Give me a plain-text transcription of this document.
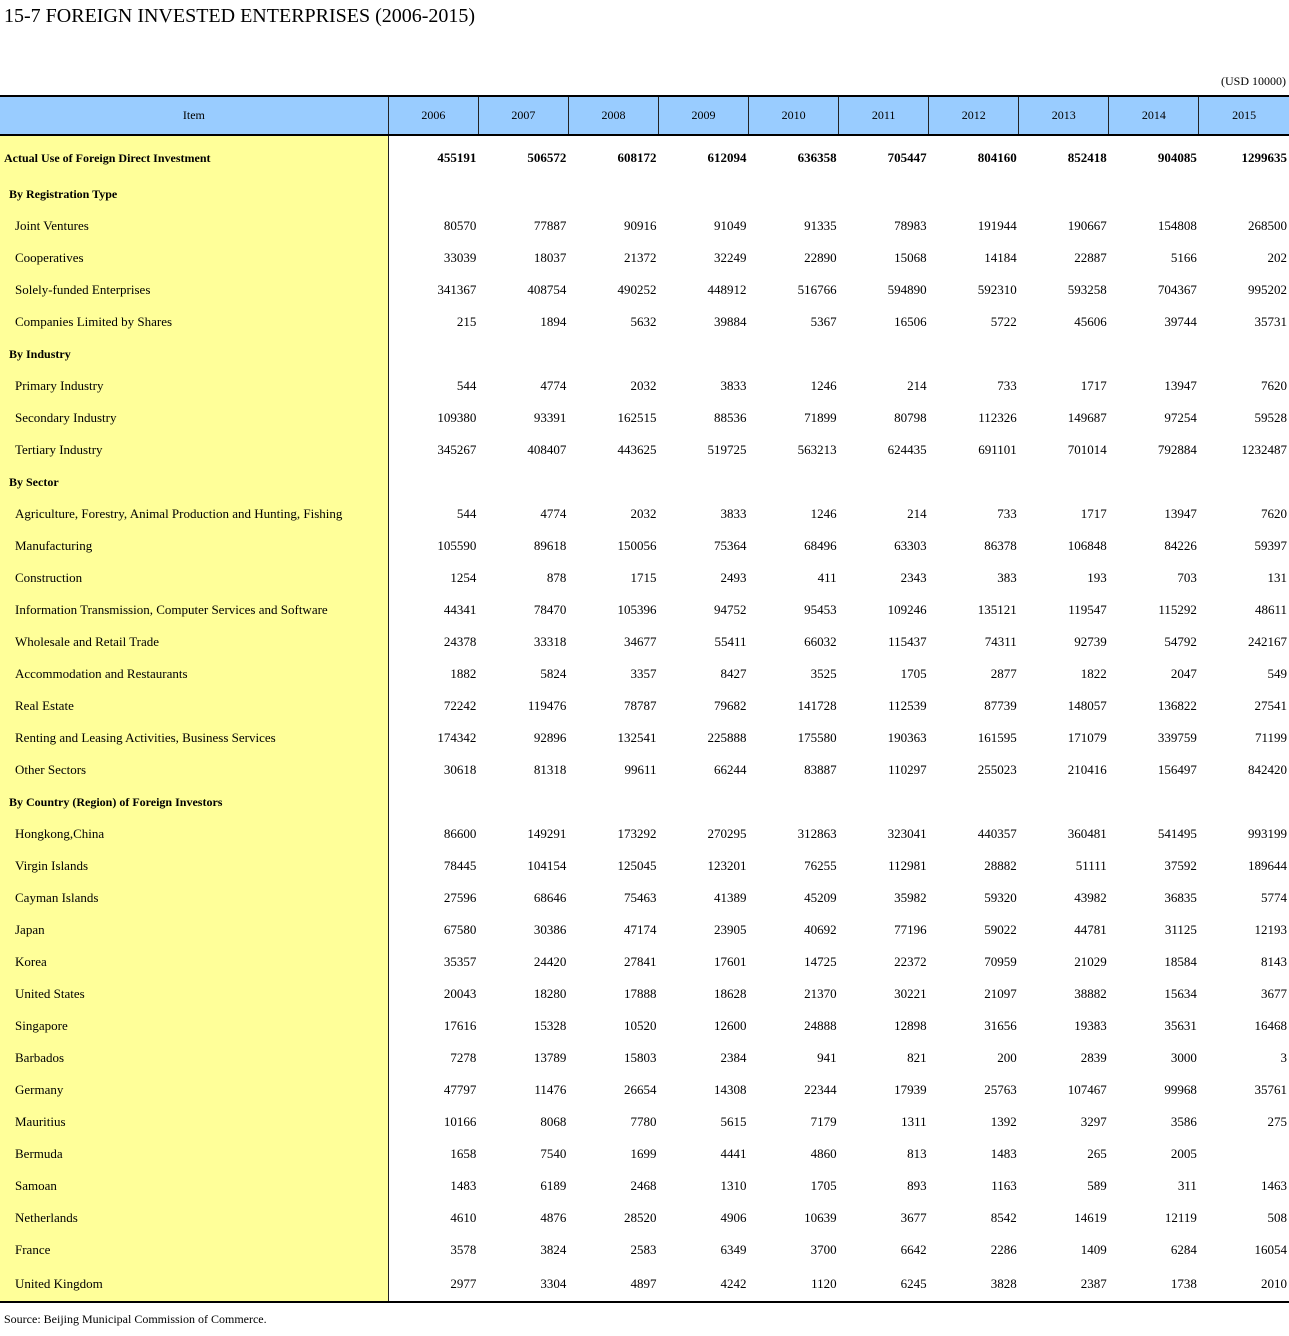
15-7 FOREIGN INVESTED ENTERPRISES (2006-2015)
(USD 10000)
Item	2006	2007	2008	2009	2010	2011	2012	2013	2014	2015
Actual Use of Foreign Direct Investment	455191	506572	608172	612094	636358	705447	804160	852418	904085	1299635
By Registration Type										
Joint Ventures	80570	77887	90916	91049	91335	78983	191944	190667	154808	268500
Cooperatives	33039	18037	21372	32249	22890	15068	14184	22887	5166	202
Solely-funded Enterprises	341367	408754	490252	448912	516766	594890	592310	593258	704367	995202
Companies Limited by Shares	215	1894	5632	39884	5367	16506	5722	45606	39744	35731
By Industry										
Primary Industry	544	4774	2032	3833	1246	214	733	1717	13947	7620
Secondary Industry	109380	93391	162515	88536	71899	80798	112326	149687	97254	59528
Tertiary Industry	345267	408407	443625	519725	563213	624435	691101	701014	792884	1232487
By Sector										
Agriculture, Forestry, Animal Production and Hunting, Fishing	544	4774	2032	3833	1246	214	733	1717	13947	7620
Manufacturing	105590	89618	150056	75364	68496	63303	86378	106848	84226	59397
Construction	1254	878	1715	2493	411	2343	383	193	703	131
Information Transmission, Computer Services and Software	44341	78470	105396	94752	95453	109246	135121	119547	115292	48611
Wholesale and Retail Trade	24378	33318	34677	55411	66032	115437	74311	92739	54792	242167
Accommodation and Restaurants	1882	5824	3357	8427	3525	1705	2877	1822	2047	549
Real Estate	72242	119476	78787	79682	141728	112539	87739	148057	136822	27541
Renting and Leasing Activities, Business Services	174342	92896	132541	225888	175580	190363	161595	171079	339759	71199
Other Sectors	30618	81318	99611	66244	83887	110297	255023	210416	156497	842420
By Country (Region) of Foreign Investors										
Hongkong,China	86600	149291	173292	270295	312863	323041	440357	360481	541495	993199
Virgin Islands	78445	104154	125045	123201	76255	112981	28882	51111	37592	189644
Cayman Islands	27596	68646	75463	41389	45209	35982	59320	43982	36835	5774
Japan	67580	30386	47174	23905	40692	77196	59022	44781	31125	12193
Korea	35357	24420	27841	17601	14725	22372	70959	21029	18584	8143
United States	20043	18280	17888	18628	21370	30221	21097	38882	15634	3677
Singapore	17616	15328	10520	12600	24888	12898	31656	19383	35631	16468
Barbados	7278	13789	15803	2384	941	821	200	2839	3000	3
Germany	47797	11476	26654	14308	22344	17939	25763	107467	99968	35761
Mauritius	10166	8068	7780	5615	7179	1311	1392	3297	3586	275
Bermuda	1658	7540	1699	4441	4860	813	1483	265	2005	
Samoan	1483	6189	2468	1310	1705	893	1163	589	311	1463
Netherlands	4610	4876	28520	4906	10639	3677	8542	14619	12119	508
France	3578	3824	2583	6349	3700	6642	2286	1409	6284	16054
United Kingdom	2977	3304	4897	4242	1120	6245	3828	2387	1738	2010
Source: Beijing Municipal Commission of Commerce.
